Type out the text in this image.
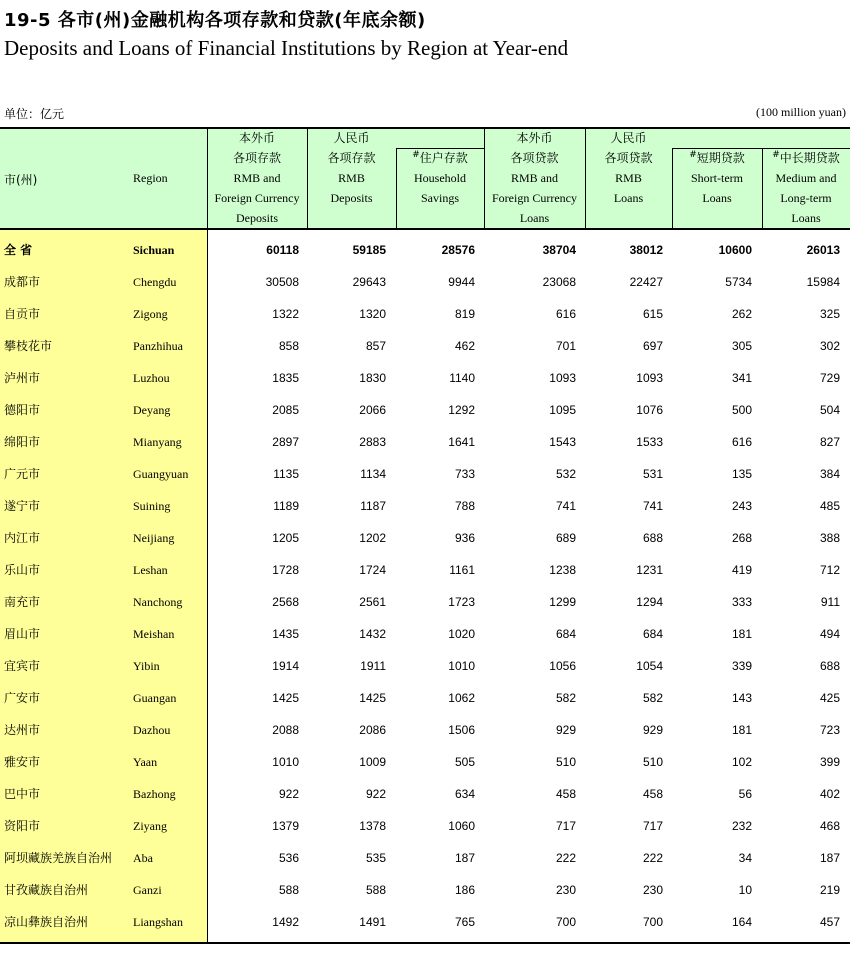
19-5 各市(州)金融机构各项存款和贷款(年底余额)
Deposits and Loans of Financial Institutions by Region at Year-end
单位：亿元	(100 million yuan)
市(州)	Region
本外币
各项存款
RMB and
Foreign Currency
Deposits
人民币
各项存款
RMB
Deposits
#住户存款
Household
Savings
本外币
各项贷款
RMB and
Foreign Currency
Loans
人民币
各项贷款
RMB
Loans
#短期贷款
Short-term
Loans
#中长期贷款
Medium and
Long-term
Loans
全 省	Sichuan	60118	59185	28576	38704	38012	10600	26013
成都市	Chengdu	30508	29643	9944	23068	22427	5734	15984
自贡市	Zigong	1322	1320	819	616	615	262	325
攀枝花市	Panzhihua	858	857	462	701	697	305	302
泸州市	Luzhou	1835	1830	1140	1093	1093	341	729
德阳市	Deyang	2085	2066	1292	1095	1076	500	504
绵阳市	Mianyang	2897	2883	1641	1543	1533	616	827
广元市	Guangyuan	1135	1134	733	532	531	135	384
遂宁市	Suining	1189	1187	788	741	741	243	485
内江市	Neijiang	1205	1202	936	689	688	268	388
乐山市	Leshan	1728	1724	1161	1238	1231	419	712
南充市	Nanchong	2568	2561	1723	1299	1294	333	911
眉山市	Meishan	1435	1432	1020	684	684	181	494
宜宾市	Yibin	1914	1911	1010	1056	1054	339	688
广安市	Guangan	1425	1425	1062	582	582	143	425
达州市	Dazhou	2088	2086	1506	929	929	181	723
雅安市	Yaan	1010	1009	505	510	510	102	399
巴中市	Bazhong	922	922	634	458	458	56	402
资阳市	Ziyang	1379	1378	1060	717	717	232	468
阿坝藏族羌族自治州 Aba	536	535	187	222	222	34	187
甘孜藏族自治州	Ganzi	588	588	186	230	230	10	219
凉山彝族自治州	Liangshan	1492	1491	765	700	700	164	457
